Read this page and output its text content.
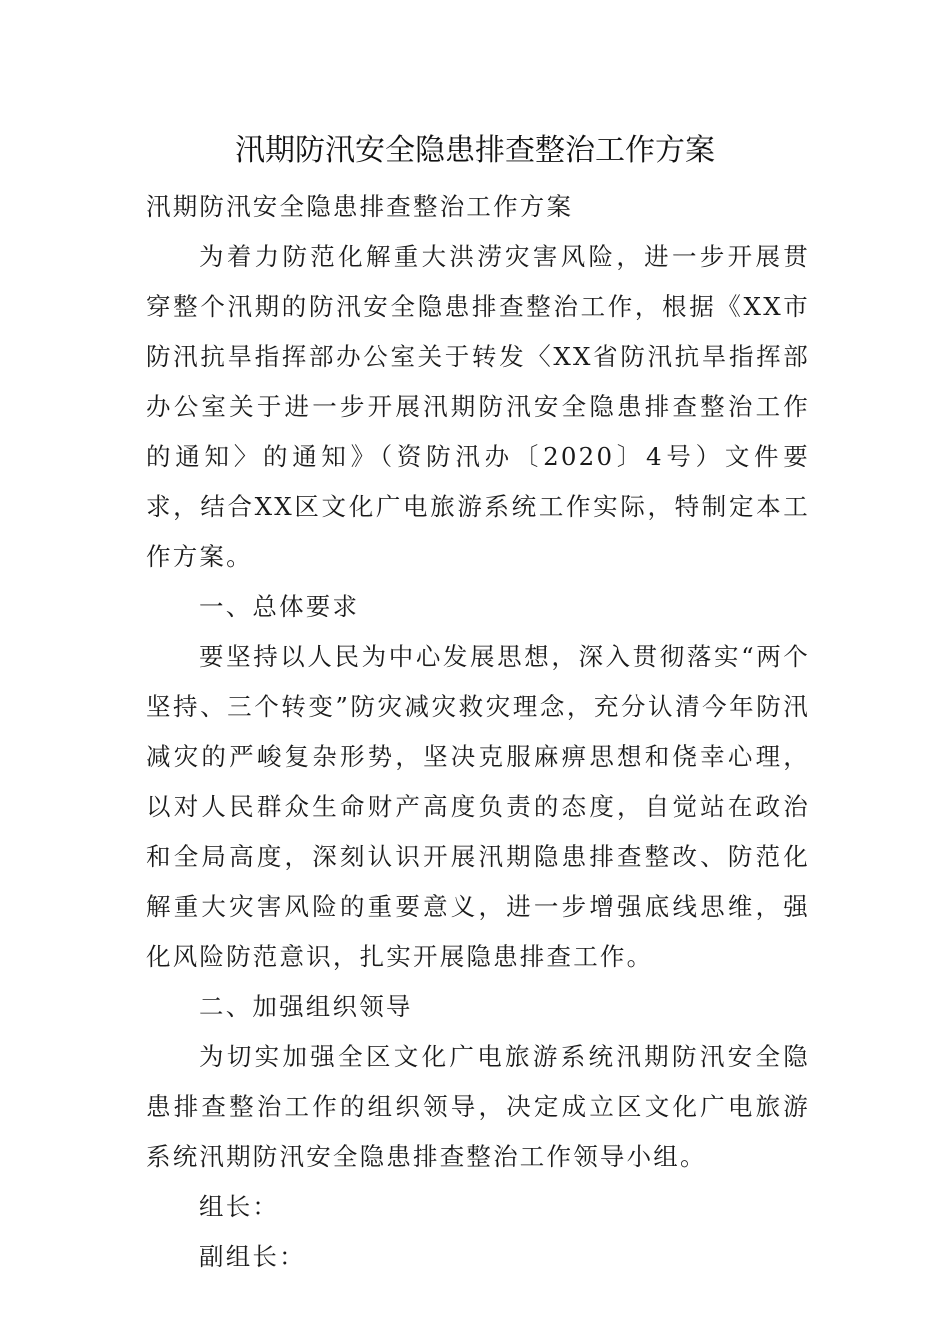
汛期防汛安全隐患排查整治工作方案

汛期防汛安全隐患排查整治工作方案

为着力防范化解重大洪涝灾害风险，进一步开展贯穿整个汛期的防汛安全隐患排查整治工作，根据《XX市防汛抗旱指挥部办公室关于转发〈XX省防汛抗旱指挥部办公室关于进一步开展汛期防汛安全隐患排查整治工作的通知〉的通知》（资防汛办〔2020〕4号）文件要求，结合XX区文化广电旅游系统工作实际，特制定本工作方案。

一、总体要求

要坚持以人民为中心发展思想，深入贯彻落实“两个坚持、三个转变”防灾减灾救灾理念，充分认清今年防汛减灾的严峻复杂形势，坚决克服麻痹思想和侥幸心理，以对人民群众生命财产高度负责的态度，自觉站在政治和全局高度，深刻认识开展汛期隐患排查整改、防范化解重大灾害风险的重要意义，进一步增强底线思维，强化风险防范意识，扎实开展隐患排查工作。

二、加强组织领导

为切实加强全区文化广电旅游系统汛期防汛安全隐患排查整治工作的组织领导，决定成立区文化广电旅游系统汛期防汛安全隐患排查整治工作领导小组。

组长：

副组长：
